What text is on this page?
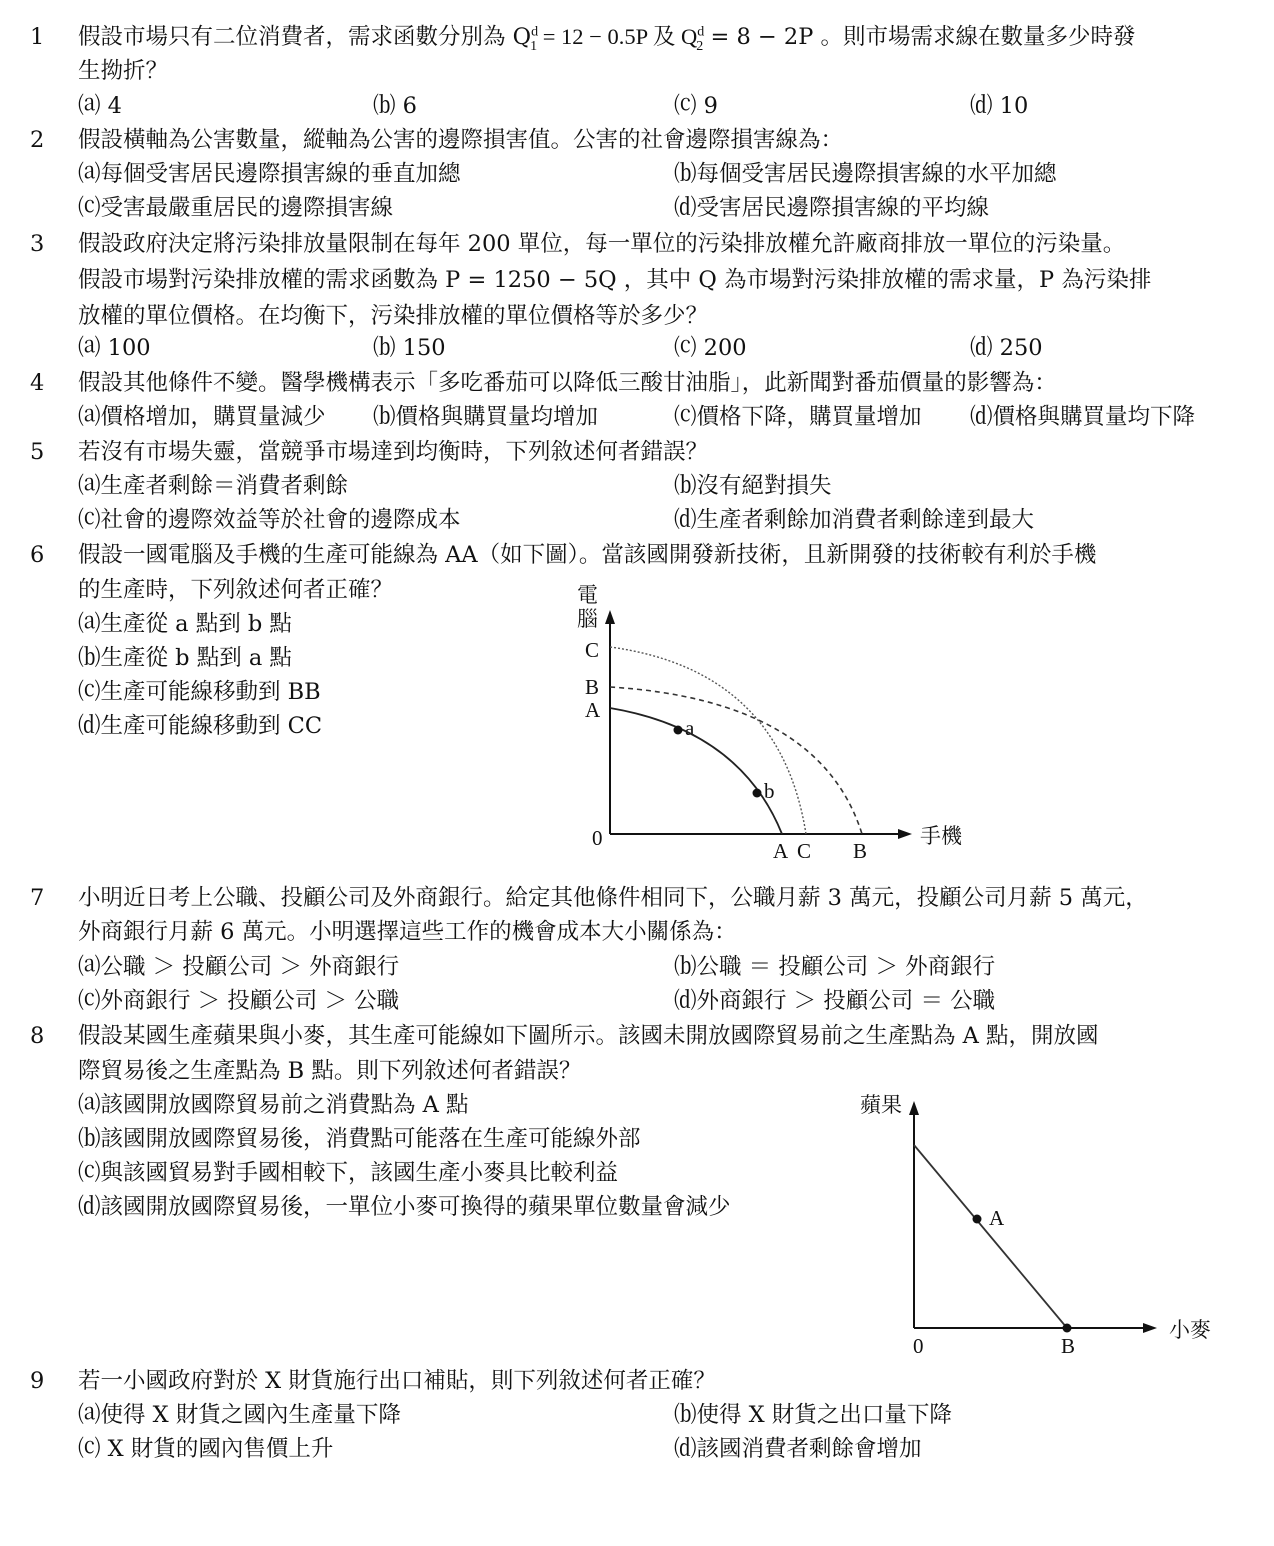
1 假設市場只有二位消費者，需求函數分別為 $Q^d_1 = 12 - 0.5P$ 及 $Q^d_2 = 8 - 2P$ 。則市場需求線在數量多少時發
生拗折？
⒜ 4	⒝ 6	⒞ 9	⒟ 10
2 假設橫軸為公害數量，縱軸為公害的邊際損害值。公害的社會邊際損害線為：
⒜每個受害居民邊際損害線的垂直加總	⒝每個受害居民邊際損害線的水平加總
⒞受害最嚴重居民的邊際損害線	⒟受害居民邊際損害線的平均線
3 假設政府決定將污染排放量限制在每年 200 單位，每一單位的污染排放權允許廠商排放一單位的污染量。
假設市場對污染排放權的需求函數為 P = 1250 − 5Q ，其中 Q 為市場對污染排放權的需求量，P 為污染排
放權的單位價格。在均衡下，污染排放權的單位價格等於多少？
⒜ 100	⒝ 150	⒞ 200	⒟ 250
4 假設其他條件不變。醫學機構表示「多吃番茄可以降低三酸甘油脂」，此新聞對番茄價量的影響為：
⒜價格增加，購買量減少 ⒝價格與購買量均增加	⒞價格下降，購買量增加 ⒟價格與購買量均下降
5 若沒有市場失靈，當競爭市場達到均衡時，下列敘述何者錯誤？
⒜生產者剩餘＝消費者剩餘	⒝沒有絕對損失
⒞社會的邊際效益等於社會的邊際成本	⒟生產者剩餘加消費者剩餘達到最大
6 假設一國電腦及手機的生產可能線為 AA（如下圖）。當該國開發新技術，且新開發的技術較有利於手機
的生產時，下列敘述何者正確？
⒜生產從 a 點到 b 點
⒝生產從 b 點到 a 點
⒞生產可能線移動到 BB
⒟生產可能線移動到 CC
電
腦
C
B
A
0
A C B
手機
a
b
7 小明近日考上公職、投顧公司及外商銀行。給定其他條件相同下，公職月薪 3 萬元，投顧公司月薪 5 萬元，
外商銀行月薪 6 萬元。小明選擇這些工作的機會成本大小關係為：
⒜公職 ＞ 投顧公司 ＞ 外商銀行	⒝公職 ＝ 投顧公司 ＞ 外商銀行
⒞外商銀行 ＞ 投顧公司 ＞ 公職	⒟外商銀行 ＞ 投顧公司 ＝ 公職
8 假設某國生產蘋果與小麥，其生產可能線如下圖所示。該國未開放國際貿易前之生產點為 A 點，開放國
際貿易後之生產點為 B 點。則下列敘述何者錯誤？
⒜該國開放國際貿易前之消費點為 A 點
⒝該國開放國際貿易後，消費點可能落在生產可能線外部
⒞與該國貿易對手國相較下，該國生產小麥具比較利益
⒟該國開放國際貿易後，一單位小麥可換得的蘋果單位數量會減少
蘋果
小麥
0
A
B
9 若一小國政府對於 X 財貨施行出口補貼，則下列敘述何者正確？
⒜使得 X 財貨之國內生產量下降	⒝使得 X 財貨之出口量下降
⒞ X 財貨的國內售價上升	⒟該國消費者剩餘會增加
